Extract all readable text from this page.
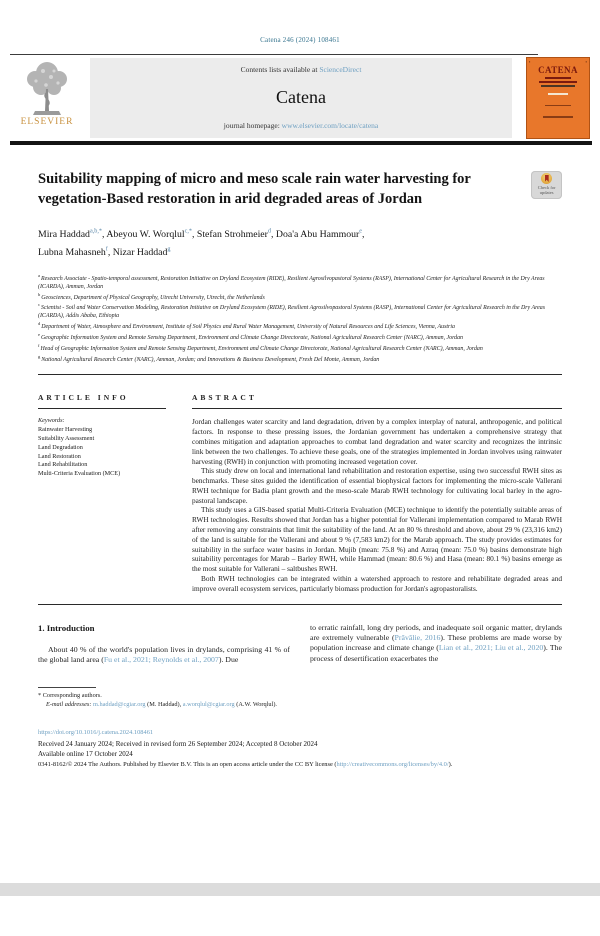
Catena 246 (2024) 108461
ELSEVIER
Contents lists available at ScienceDirect
Catena
journal homepage: www.elsevier.com/locate/catena
▪	▪
CATENA
Suitability mapping of micro and meso scale rain water harvesting for vegetation-Based restoration in arid degraded areas of Jordan
Check for updates
Mira Haddad$^{a,b,*}$, Abeyou W. Worqlul$^{c,*}$, Stefan Strohmeier$^d$, Doa'a Abu Hammour$^e$,
Lubna Mahasneh$^f$, Nizar Haddad$^g$
$^a$Research Associate - Spatio-temporal assessment, Restoration Initiative on Dryland Ecosystem (RIDE), Resilient Agrosilvopastoral Systems (RASP), International Center for Agricultural Research in the Dry Areas (ICARDA), Amman, Jordan
$^b$Geosciences, Department of Physical Geography, Utrecht University, Utrecht, the Netherlands
$^c$Scientist - Soil and Water Conservation Modeling, Restoration Initiative on Dryland Ecosystem (RIDE), Resilient Agrosilvopastoral Systems (RASP), International Center for Agricultural Research in the Dry Areas (ICARDA), Addis Ababa, Ethiopia
$^d$Department of Water, Atmosphere and Environment, Institute of Soil Physics and Rural Water Management, University of Natural Resources and Life Sciences, Vienna, Austria
$^e$Geographic Information System and Remote Sensing Department, Environment and Climate Change Directorate, National Agricultural Research Center (NARC), Amman, Jordan
$^f$Head of Geographic Information System and Remote Sensing Department, Environment and Climate Change Directorate, National Agricultural Research Center (NARC), Amman, Jordan
$^g$National Agricultural Research Center (NARC), Amman, Jordan; and Innovations & Business Development, Fresh Del Monte, Amman, Jordan
ARTICLE INFO
Keywords:
Rainwater Harvesting
Suitability Assessment
Land Degradation
Land Restoration
Land Rehabilitation
Multi-Criteria Evaluation (MCE)
ABSTRACT

Jordan challenges water scarcity and land degradation, driven by a complex interplay of natural, anthropogenic, and political factors. In response to these pressing issues, the Jordanian government has undertaken a comprehensive strategy that combines mitigation and adaptation approaches to combat land degradation and water scarcity and recognizes the intrinsic link between the two challenges. To achieve these goals, one of the strategies implemented in Jordan involves using rainwater harvesting (RWH) in conjunction with promoting increased vegetation cover.

This study drew on local and international land rehabilitation and restoration expertise, using two successful RWH sites as benchmarks. These sites guided the identification of essential biophysical factors for implementing the micro-scale Vallerani RWH technique for Badia plant growth and the meso-scale Marab RWH technology for cultivating local barley in the agro-pastoral landscape.

This study uses a GIS-based spatial Multi-Criteria Evaluation (MCE) technique to identify the potentially suitable areas of RWH technologies. Results showed that Jordan has a higher potential for Vallerani implementation compared to Marab RWH after removing any constraints that limit the suitability of the land. At an 80 % threshold and above, about 29 % (23,316 km2) of the land is suitable for the Vallerani and about 9 % (7,583 km2) for the Marab approach. The study provides estimates for suitability in the surface water basins in Jordan. Mujib (mean: 75.8 %) and Azraq (mean: 75.0 %) basins demonstrate high suitability percentages for Marab – Barley RWH, while Hammad (mean: 80.6 %) and Hasa (mean: 80.1 %) basins emerge as the most suitable for Vallerani – saltbushes RWH.

Both RWH technologies can be integrated within a watershed approach to restore and rehabilitate degraded areas and improve overall ecosystem services, particularly biomass production for Jordan's agropastoralists.

1. Introduction
About 40 % of the world's population lives in drylands, comprising 41 % of the global land area (Fu et al., 2021; Reynolds et al., 2007). Due
* Corresponding authors.
E-mail addresses: m.haddad@cgiar.org (M. Haddad), a.worqlul@cgiar.org (A.W. Worqlul).
to erratic rainfall, long dry periods, and inadequate soil organic matter, drylands are extremely vulnerable (Prăvălie, 2016). These problems are made worse by population increase and climate change (Lian et al., 2021; Liu et al., 2020). The process of desertification exacerbates the
https://doi.org/10.1016/j.catena.2024.108461
Received 24 January 2024; Received in revised form 26 September 2024; Accepted 8 October 2024
Available online 17 October 2024
0341-8162/© 2024 The Authors. Published by Elsevier B.V. This is an open access article under the CC BY license (http://creativecommons.org/licenses/by/4.0/).
